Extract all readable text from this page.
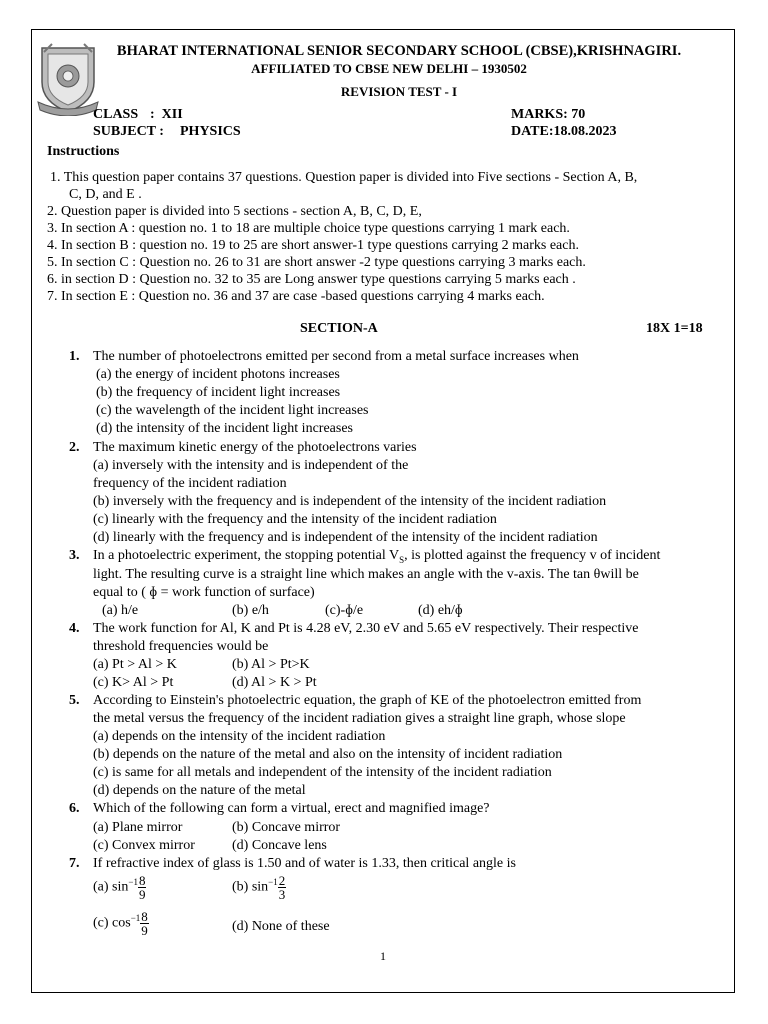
BHARAT INTERNATIONAL SENIOR SECONDARY SCHOOL (CBSE),KRISHNAGIRI.
AFFILIATED TO CBSE NEW DELHI – 1930502
REVISION TEST - I
CLASS :  XII
SUBJECT : PHYSICS
MARKS: 70
DATE:18.08.2023
Instructions
1. This question paper contains 37 questions. Question paper is divided into Five sections - Section A, B,
C, D, and E .
2. Question paper is divided into 5 sections - section A, B, C, D, E,
3. In section A : question no. 1 to 18 are multiple choice type questions carrying 1 mark each.
4. In section B : question no. 19 to 25 are short answer-1 type questions carrying 2 marks each.
5. In section C : Question no. 26 to 31 are short answer -2 type questions carrying 3 marks each.
6. in section D : Question no. 32 to 35 are Long answer type questions carrying 5 marks each .
7. In section E : Question no. 36 and 37 are case -based questions carrying 4 marks each.
SECTION-A	18X 1=18
1. The number of photoelectrons emitted per second from a metal surface increases when
(a) the energy of incident photons increases
(b) the frequency of incident light increases
(c) the wavelength of the incident light increases
(d) the intensity of the incident light increases
2. The maximum kinetic energy of the photoelectrons varies
(a) inversely with the intensity and is independent of the
frequency of the incident radiation
(b) inversely with the frequency and is independent of the intensity of the incident radiation
(c) linearly with the frequency and the intensity of the incident radiation
(d) linearly with the frequency and is independent of the intensity of the incident radiation
3. In a photoelectric experiment, the stopping potential $V_S$, is plotted against the frequency v of incident
light. The resulting curve is a straight line which makes an angle with the v-axis. The tan θwill be
equal to ( ɸ = work function of surface)
(a) h/e	(b) e/h	(c)-ɸ/e	(d) eh/ɸ
4. The work function for Al, K and Pt is 4.28 eV, 2.30 eV and 5.65 eV respectively. Their respective
threshold frequencies would be
(a) Pt > Al > K	(b) Al > Pt>K
(c) K> Al > Pt	(d) Al > K > Pt
5. According to Einstein's photoelectric equation, the graph of KE of the photoelectron emitted from
the metal versus the frequency of the incident radiation gives a straight line graph, whose slope
(a) depends on the intensity of the incident radiation
(b) depends on the nature of the metal and also on the intensity of incident radiation
(c) is same for all metals and independent of the intensity of the incident radiation
(d) depends on the nature of the metal
6. Which of the following can form a virtual, erect and magnified image?
(a) Plane mirror	(b) Concave mirror
(c) Convex mirror	(d) Concave lens
7. If refractive index of glass is 1.50 and of water is 1.33, then critical angle is
(a) $\sin^{-1} \frac{8}{9}$	(b) $\sin^{-1} \frac{2}{3}$
(c) $\cos^{-1} \frac{8}{9}$	(d) None of these
1
